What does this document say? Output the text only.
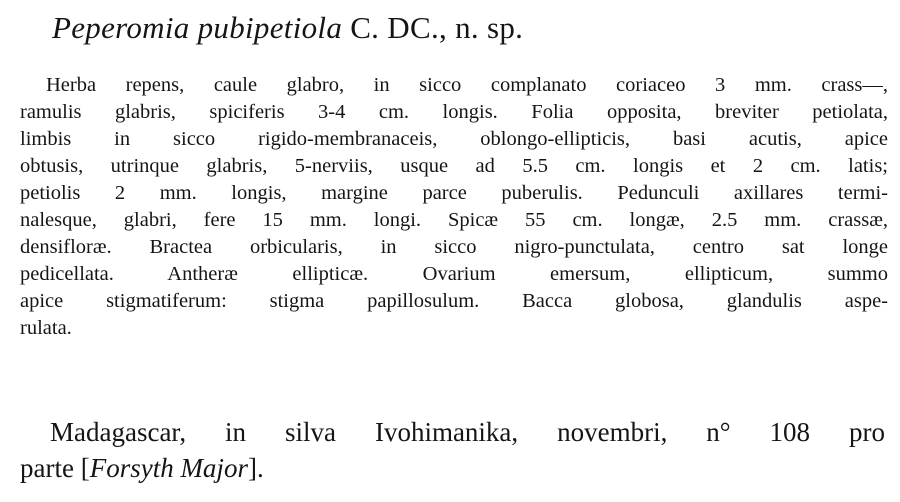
Peperomia pubipetiola C. DC., n. sp.
Herba repens, caule glabro, in sicco complanato coriaceo 3 mm. crass—,
ramulis glabris, spiciferis 3-4 cm. longis. Folia opposita, breviter petiolata,
limbis in sicco rigido-membranaceis, oblongo-ellipticis, basi acutis, apice
obtusis, utrinque glabris, 5-nerviis, usque ad 5.5 cm. longis et 2 cm. latis;
petiolis 2 mm. longis, margine parce puberulis. Pedunculi axillares termi-
nalesque, glabri, fere 15 mm. longi. Spicæ 55 cm. longæ, 2.5 mm. crassæ,
densifloræ. Bractea orbicularis, in sicco nigro-punctulata, centro sat longe
pedicellata. Antheræ ellipticæ. Ovarium emersum, ellipticum, summo
apice stigmatiferum: stigma papillosulum. Bacca globosa, glandulis aspe-
rulata.
Madagascar, in silva Ivohimanika, novembri, n° 108 pro
parte [Forsyth Major].
